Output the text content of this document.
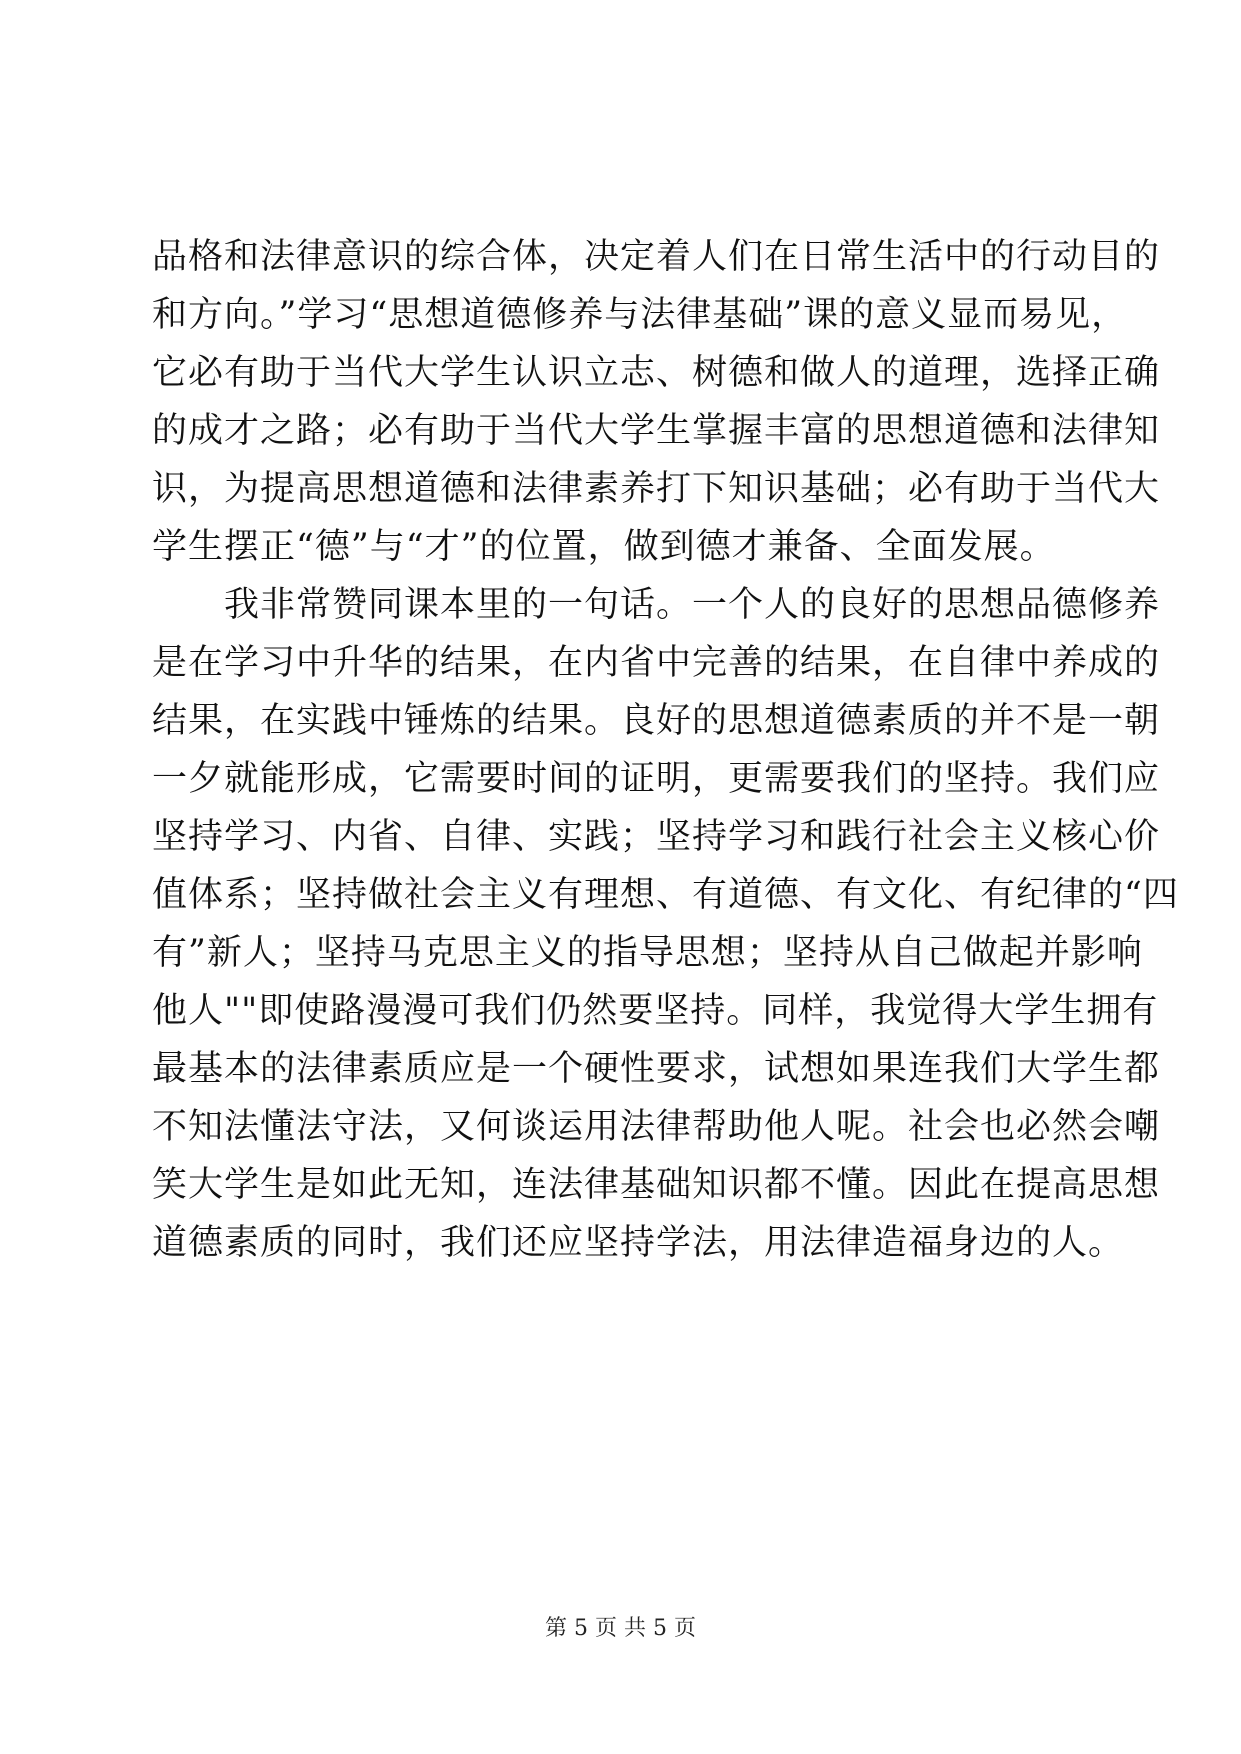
品格和法律意识的综合体，决定着人们在日常生活中的行动目的
和方向。”学习“思想道德修养与法律基础”课的意义显而易见，
它必有助于当代大学生认识立志、树德和做人的道理，选择正确
的成才之路；必有助于当代大学生掌握丰富的思想道德和法律知
识，为提高思想道德和法律素养打下知识基础；必有助于当代大
学生摆正“德”与“才”的位置，做到德才兼备、全面发展。
　　我非常赞同课本里的一句话。一个人的良好的思想品德修养
是在学习中升华的结果，在内省中完善的结果，在自律中养成的
结果，在实践中锤炼的结果。良好的思想道德素质的并不是一朝
一夕就能形成，它需要时间的证明，更需要我们的坚持。我们应
坚持学习、内省、自律、实践；坚持学习和践行社会主义核心价
值体系；坚持做社会主义有理想、有道德、有文化、有纪律的“四
有”新人；坚持马克思主义的指导思想；坚持从自己做起并影响
他人""即使路漫漫可我们仍然要坚持。同样，我觉得大学生拥有
最基本的法律素质应是一个硬性要求，试想如果连我们大学生都
不知法懂法守法，又何谈运用法律帮助他人呢。社会也必然会嘲
笑大学生是如此无知，连法律基础知识都不懂。因此在提高思想
道德素质的同时，我们还应坚持学法，用法律造福身边的人。
第 5 页 共 5 页
